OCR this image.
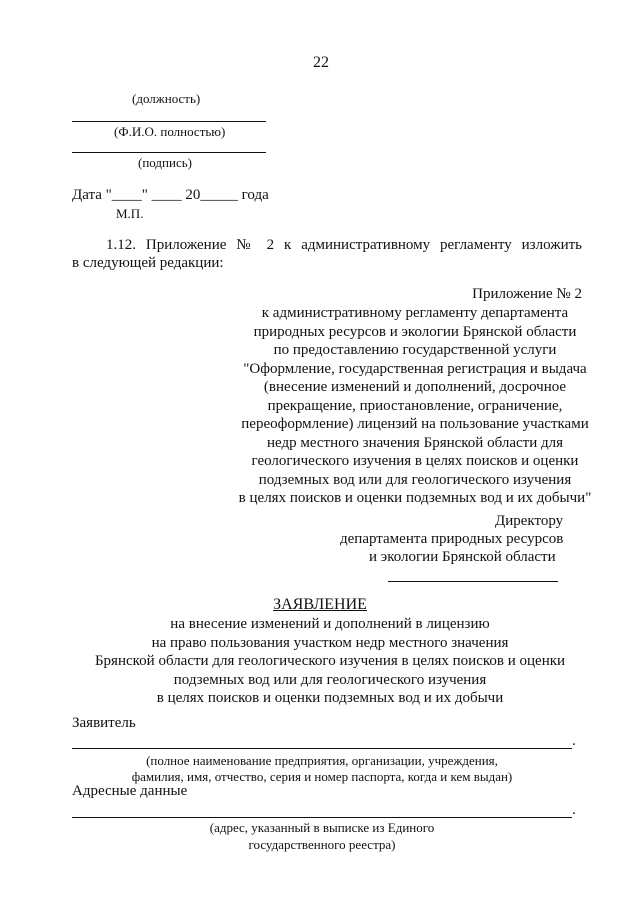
22
(должность)
(Ф.И.О. полностью)
(подпись)
Дата "____" ____ 20_____ года
М.П.
1.12. Приложение № 2 к административному регламенту изложить
в следующей редакции:
Приложение № 2
к административному регламенту департамента
природных ресурсов и экологии Брянской области
по предоставлению государственной услуги
"Оформление, государственная регистрация и выдача
(внесение изменений и дополнений, досрочное
прекращение, приостановление, ограничение,
переоформление) лицензий на пользование участками
недр местного значения Брянской области для
геологического изучения в целях поисков и оценки
подземных вод или для геологического изучения
в целях поисков и оценки подземных вод и их добычи"
Директору
департамента природных ресурсов
и экологии Брянской области
ЗАЯВЛЕНИЕ
на внесение изменений и дополнений в лицензию
на право пользования участком недр местного значения
Брянской области для геологического изучения в целях поисков и оценки
подземных вод или для геологического изучения
в целях поисков и оценки подземных вод и их добычи
Заявитель
.
(полное наименование предприятия, организации, учреждения,
фамилия, имя, отчество, серия и номер паспорта, когда и кем выдан)
Адресные данные
.
(адрес, указанный в выписке из Единого
государственного реестра)
